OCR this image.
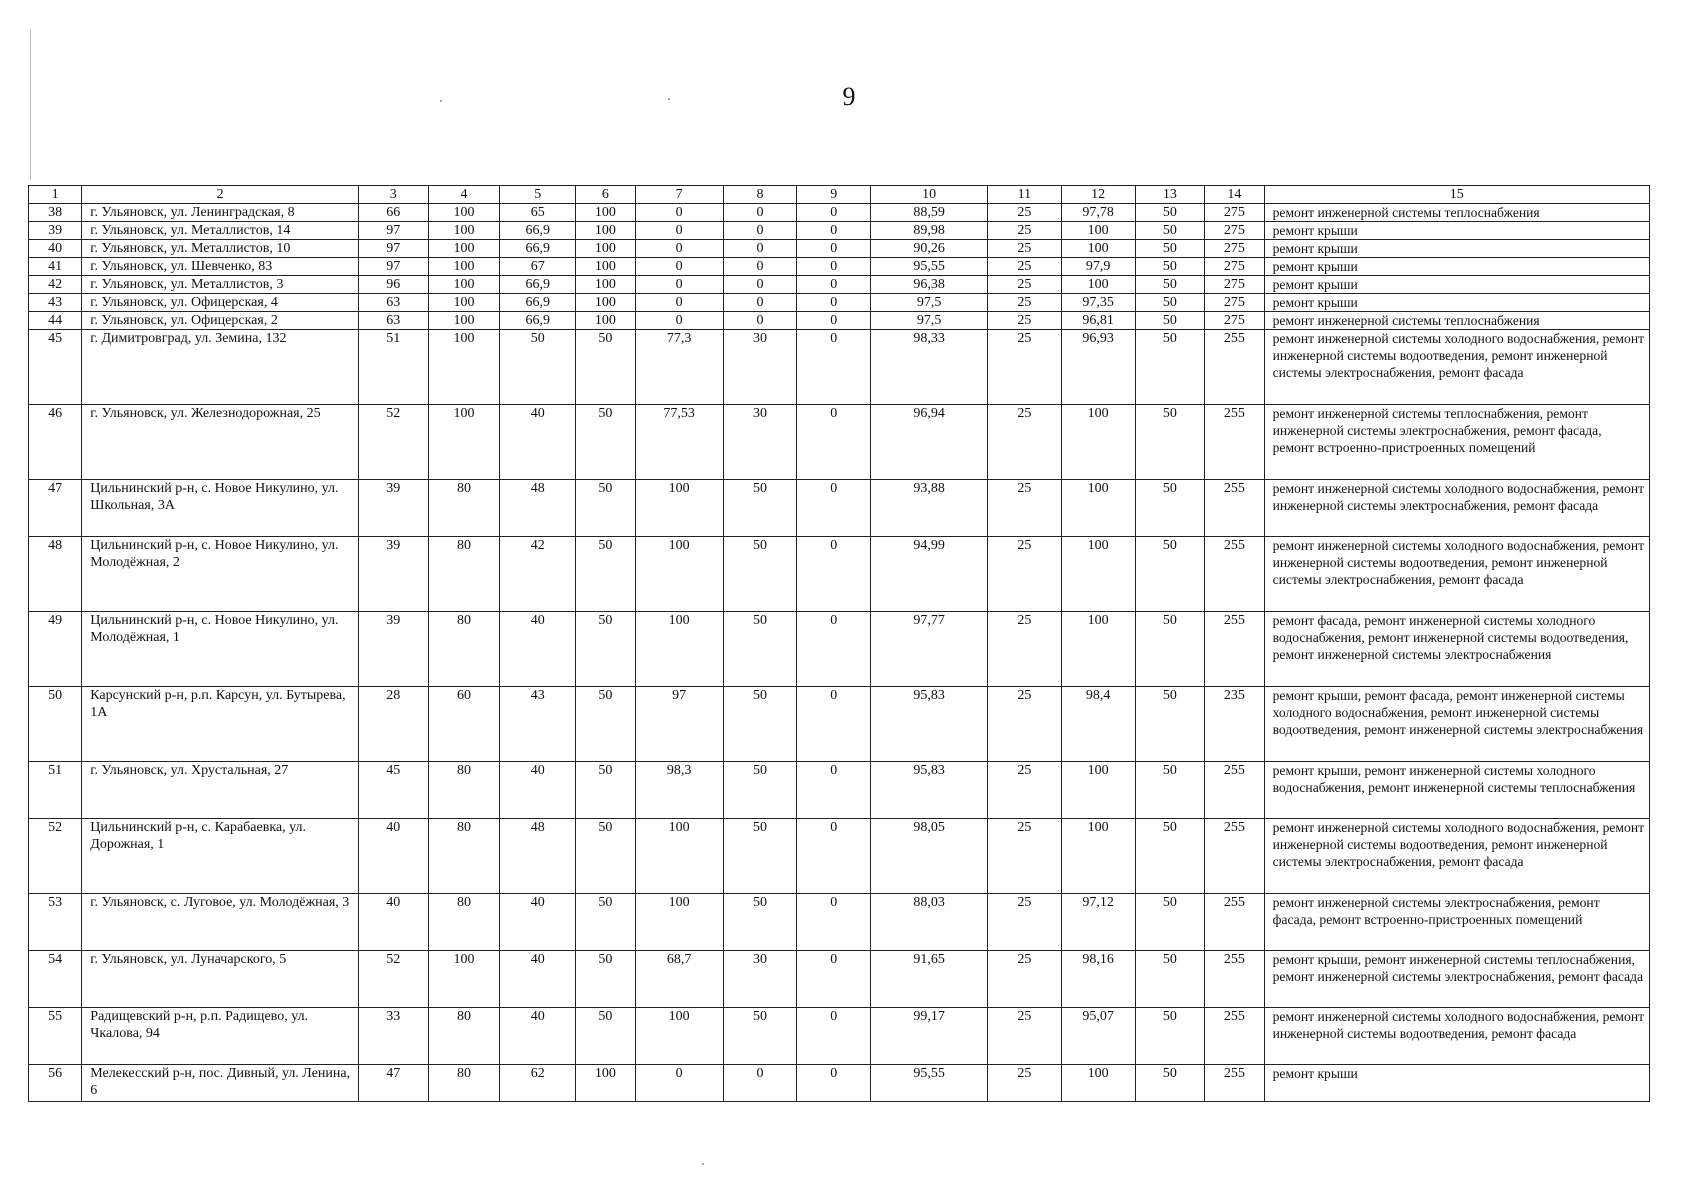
9
1	2	3	4	5	6	7	8	9	10	11	12	13	14	15
38	г. Ульяновск, ул. Ленинградская, 8	66	100	65	100	0	0	0	88,59	25	97,78	50	275	ремонт инженерной системы теплоснабжения
39	г. Ульяновск, ул. Металлистов, 14	97	100	66,9	100	0	0	0	89,98	25	100	50	275	ремонт крыши
40	г. Ульяновск, ул. Металлистов, 10	97	100	66,9	100	0	0	0	90,26	25	100	50	275	ремонт крыши
41	г. Ульяновск, ул. Шевченко, 83	97	100	67	100	0	0	0	95,55	25	97,9	50	275	ремонт крыши
42	г. Ульяновск, ул. Металлистов, 3	96	100	66,9	100	0	0	0	96,38	25	100	50	275	ремонт крыши
43	г. Ульяновск, ул. Офицерская, 4	63	100	66,9	100	0	0	0	97,5	25	97,35	50	275	ремонт крыши
44	г. Ульяновск, ул. Офицерская, 2	63	100	66,9	100	0	0	0	97,5	25	96,81	50	275	ремонт инженерной системы теплоснабжения
45	г. Димитровград, ул. Земина, 132	51	100	50	50	77,3	30	0	98,33	25	96,93	50	255	ремонт инженерной системы холодного водоснабжения, ремонт инженерной системы водоотведения, ремонт инженерной системы электроснабжения, ремонт фасада
46	г. Ульяновск, ул. Железнодорожная, 25	52	100	40	50	77,53	30	0	96,94	25	100	50	255	ремонт инженерной системы теплоснабжения, ремонт инженерной системы электроснабжения, ремонт фасада, ремонт встроенно-пристроенных помещений
47	Цильнинский р-н, с. Новое Никулино, ул. Школьная, 3А	39	80	48	50	100	50	0	93,88	25	100	50	255	ремонт инженерной системы холодного водоснабжения, ремонт инженерной системы электроснабжения, ремонт фасада
48	Цильнинский р-н, с. Новое Никулино, ул. Молодёжная, 2	39	80	42	50	100	50	0	94,99	25	100	50	255	ремонт инженерной системы холодного водоснабжения, ремонт инженерной системы водоотведения, ремонт инженерной системы электроснабжения, ремонт фасада
49	Цильнинский р-н, с. Новое Никулино, ул. Молодёжная, 1	39	80	40	50	100	50	0	97,77	25	100	50	255	ремонт фасада, ремонт инженерной системы холодного водоснабжения, ремонт инженерной системы водоотведения, ремонт инженерной системы электроснабжения
50	Карсунский р-н, р.п. Карсун, ул. Бутырева, 1А	28	60	43	50	97	50	0	95,83	25	98,4	50	235	ремонт крыши, ремонт фасада, ремонт инженерной системы холодного водоснабжения, ремонт инженерной системы водоотведения, ремонт инженерной системы электроснабжения
51	г. Ульяновск, ул. Хрустальная, 27	45	80	40	50	98,3	50	0	95,83	25	100	50	255	ремонт крыши, ремонт инженерной системы холодного водоснабжения, ремонт инженерной системы теплоснабжения
52	Цильнинский р-н, с. Карабаевка, ул. Дорожная, 1	40	80	48	50	100	50	0	98,05	25	100	50	255	ремонт инженерной системы холодного водоснабжения, ремонт инженерной системы водоотведения, ремонт инженерной системы электроснабжения, ремонт фасада
53	г. Ульяновск, с. Луговое, ул. Молодёжная, 3	40	80	40	50	100	50	0	88,03	25	97,12	50	255	ремонт инженерной системы электроснабжения, ремонт фасада, ремонт встроенно-пристроенных помещений
54	г. Ульяновск, ул. Луначарского, 5	52	100	40	50	68,7	30	0	91,65	25	98,16	50	255	ремонт крыши, ремонт инженерной системы теплоснабжения, ремонт инженерной системы электроснабжения, ремонт фасада
55	Радищевский р-н, р.п. Радищево, ул. Чкалова, 94	33	80	40	50	100	50	0	99,17	25	95,07	50	255	ремонт инженерной системы холодного водоснабжения, ремонт инженерной системы водоотведения, ремонт фасада
56	Мелекесский р-н, пос. Дивный, ул. Ленина, 6	47	80	62	100	0	0	0	95,55	25	100	50	255	ремонт крыши
